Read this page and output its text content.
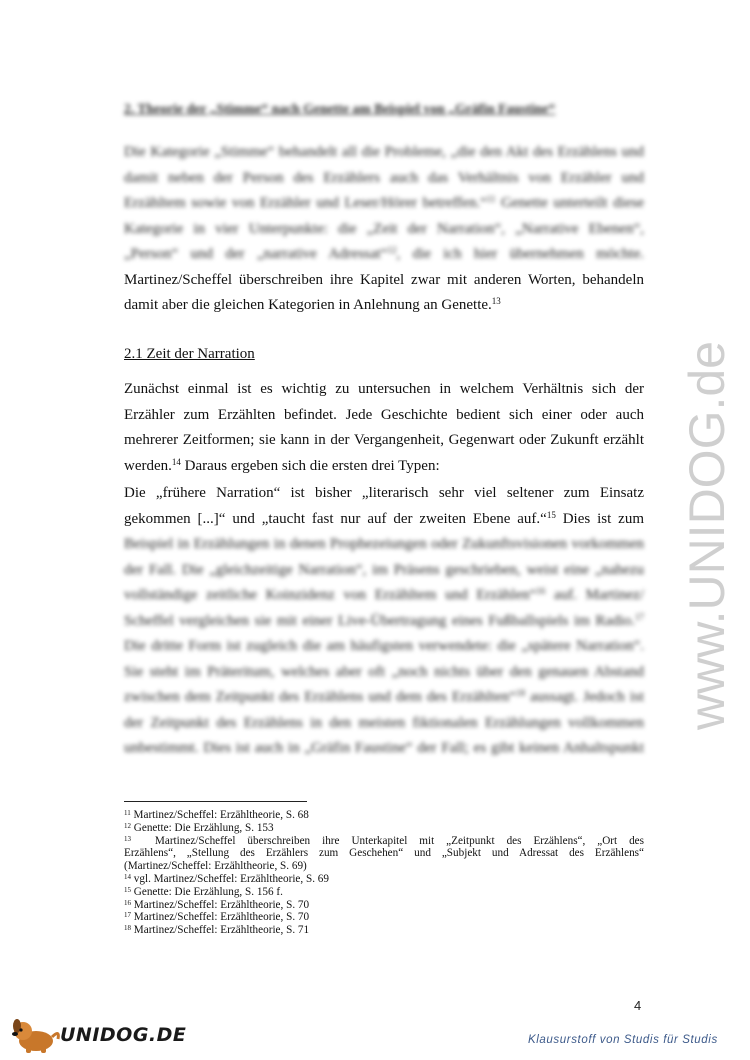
2. Theorie der „Stimme“ nach Genette am Beispiel von „Gräfin Faustine“
Die Kategorie „Stimme“ behandelt all die Probleme, „die den Akt des Erzählens und
damit neben der Person des Erzählers auch das Verhältnis von Erzähler und
Erzähltem sowie von Erzähler und Leser/Hörer betreffen.“$^{11}$ Genette unterteilt diese
Kategorie in vier Unterpunkte: die „Zeit der Narration“, „Narrative Ebenen“,
„Person“ und der „narrative Adressat“$^{12}$, die ich hier übernehmen möchte.
Martinez/Scheffel überschreiben ihre Kapitel zwar mit anderen Worten, behandeln
damit aber die gleichen Kategorien in Anlehnung an Genette.$^{13}$
2.1 Zeit der Narration
Zunächst einmal ist es wichtig zu untersuchen in welchem Verhältnis sich der
Erzähler zum Erzählten befindet. Jede Geschichte bedient sich einer oder auch
mehrerer Zeitformen; sie kann in der Vergangenheit, Gegenwart oder Zukunft erzählt
werden.$^{14}$ Daraus ergeben sich die ersten drei Typen:
Die „frühere Narration“ ist bisher „literarisch sehr viel seltener zum Einsatz
gekommen [...]“ und „taucht fast nur auf der zweiten Ebene auf.“$^{15}$ Dies ist zum
Beispiel in Erzählungen in denen Prophezeiungen oder Zukunftsvisionen vorkommen
der Fall. Die „gleichzeitige Narration“, im Präsens geschrieben, weist eine „nahezu
vollständige zeitliche Koinzidenz von Erzähltem und Erzählen“$^{16}$ auf. Martinez/
Scheffel vergleichen sie mit einer Live-Übertragung eines Fußballspiels im Radio.$^{17}$
Die dritte Form ist zugleich die am häufigsten verwendete: die „spätere Narration“.
Sie steht im Präteritum, welches aber oft „noch nichts über den genauen Abstand
zwischen dem Zeitpunkt des Erzählens und dem des Erzählten“$^{18}$ aussagt. Jedoch ist
der Zeitpunkt des Erzählens in den meisten fiktionalen Erzählungen vollkommen
unbestimmt. Dies ist auch in „Gräfin Faustine“ der Fall; es gibt keinen Anhaltspunkt
www.UNIDOG.de
$^{11}$ Martinez/Scheffel: Erzähltheorie, S. 68
$^{12}$ Genette: Die Erzählung, S. 153
$^{13}$ Martinez/Scheffel überschreiben ihre Unterkapitel mit „Zeitpunkt des Erzählens“, „Ort des
Erzählens“, „Stellung des Erzählers zum Geschehen“ und „Subjekt und Adressat des Erzählens“
(Martinez/Scheffel: Erzähltheorie, S. 69)
$^{14}$ vgl. Martinez/Scheffel: Erzähltheorie, S. 69
$^{15}$ Genette: Die Erzählung, S. 156 f.
$^{16}$ Martinez/Scheffel: Erzähltheorie, S. 70
$^{17}$ Martinez/Scheffel: Erzähltheorie, S. 70
$^{18}$ Martinez/Scheffel: Erzähltheorie, S. 71
4
UNIDOG.DE	Klausurstoff von Studis für Studis
